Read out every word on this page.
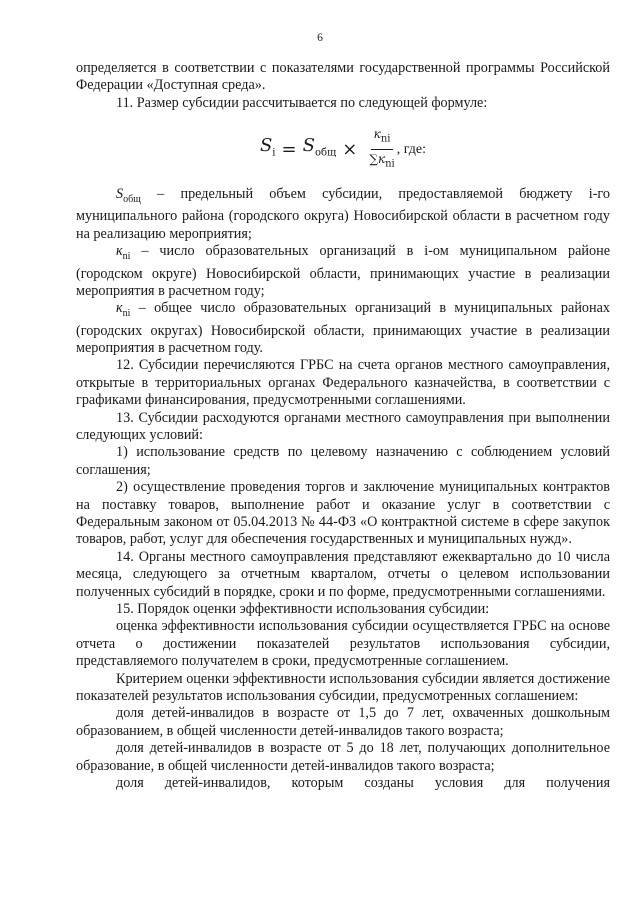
6

определяется в соответствии с показателями государственной программы Российской Федерации «Доступная среда».

11. Размер субсидии рассчитывается по следующей формуле:

$S_i = S_{общ} \times \frac{к_{ni}}{\sum к_{ni}}$ , где:

$S_{общ}$ – предельный объем субсидии, предоставляемой бюджету i-го муниципального района (городского округа) Новосибирской области в расчетном году на реализацию мероприятия;

$к_{ni}$ – число образовательных организаций в i-ом муниципальном районе (городском округе) Новосибирской области, принимающих участие в реализации мероприятия в расчетном году;

$к_{ni}$ – общее число образовательных организаций в муниципальных районах (городских округах) Новосибирской области, принимающих участие в реализации мероприятия в расчетном году.

12. Субсидии перечисляются ГРБС на счета органов местного самоуправления, открытые в территориальных органах Федерального казначейства, в соответствии с графиками финансирования, предусмотренными соглашениями.

13. Субсидии расходуются органами местного самоуправления при выполнении следующих условий:

1) использование средств по целевому назначению с соблюдением условий соглашения;

2) осуществление проведения торгов и заключение муниципальных контрактов на поставку товаров, выполнение работ и оказание услуг в соответствии с Федеральным законом от 05.04.2013 № 44-ФЗ «О контрактной системе в сфере закупок товаров, работ, услуг для обеспечения государственных и муниципальных нужд».

14. Органы местного самоуправления представляют ежеквартально до 10 числа месяца, следующего за отчетным кварталом, отчеты о целевом использовании полученных субсидий в порядке, сроки и по форме, предусмотренными соглашениями.

15. Порядок оценки эффективности использования субсидии:

оценка эффективности использования субсидии осуществляется ГРБС на основе отчета о достижении показателей результатов использования субсидии, представляемого получателем в сроки, предусмотренные соглашением.

Критерием оценки эффективности использования субсидии является достижение показателей результатов использования субсидии, предусмотренных соглашением:

доля детей-инвалидов в возрасте от 1,5 до 7 лет, охваченных дошкольным образованием, в общей численности детей-инвалидов такого возраста;

доля детей-инвалидов в возрасте от 5 до 18 лет, получающих дополнительное образование, в общей численности детей-инвалидов такого возраста;

доля детей-инвалидов, которым созданы условия для получения
